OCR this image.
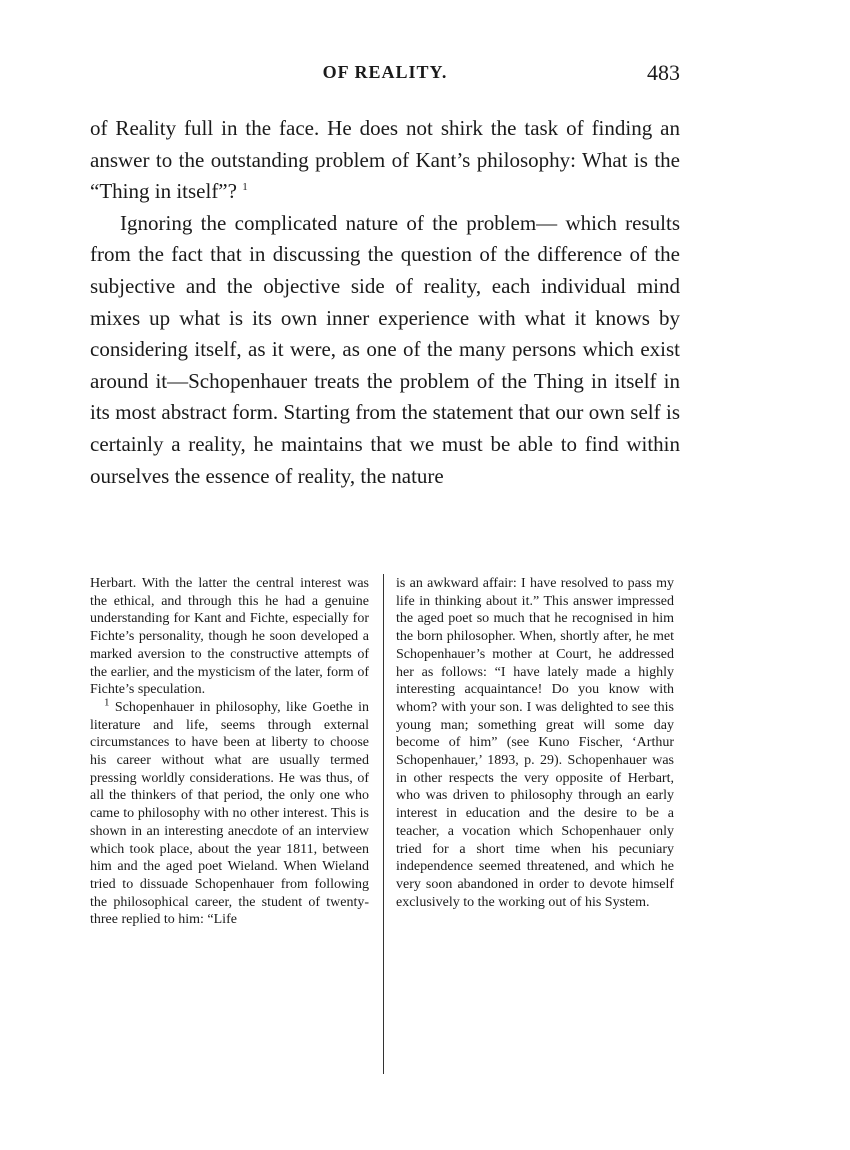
OF REALITY.	483

of Reality full in the face. He does not shirk the task of finding an answer to the outstanding problem of Kant’s philosophy: What is the “Thing in itself”? $^1$

Ignoring the complicated nature of the problem— which results from the fact that in discussing the question of the difference of the subjective and the objective side of reality, each individual mind mixes up what is its own inner experience with what it knows by considering itself, as it were, as one of the many persons which exist around it—Schopenhauer treats the problem of the Thing in itself in its most abstract form. Starting from the statement that our own self is certainly a reality, he maintains that we must be able to find within ourselves the essence of reality, the nature

Herbart. With the latter the central interest was the ethical, and through this he had a genuine understanding for Kant and Fichte, especially for Fichte’s personality, though he soon developed a marked aversion to the constructive attempts of the earlier, and the mysticism of the later, form of Fichte’s speculation.

$^1$ Schopenhauer in philosophy, like Goethe in literature and life, seems through external circumstances to have been at liberty to choose his career without what are usually termed pressing worldly considerations. He was thus, of all the thinkers of that period, the only one who came to philosophy with no other interest. This is shown in an interesting anecdote of an interview which took place, about the year 1811, between him and the aged poet Wieland. When Wieland tried to dissuade Schopenhauer from following the philosophical career, the student of twenty-three replied to him: “Life

is an awkward affair: I have resolved to pass my life in thinking about it.” This answer impressed the aged poet so much that he recognised in him the born philosopher. When, shortly after, he met Schopenhauer’s mother at Court, he addressed her as follows: “I have lately made a highly interesting acquaintance! Do you know with whom? with your son. I was delighted to see this young man; something great will some day become of him” (see Kuno Fischer, ‘Arthur Schopenhauer,’ 1893, p. 29). Schopenhauer was in other respects the very opposite of Herbart, who was driven to philosophy through an early interest in education and the desire to be a teacher, a vocation which Schopenhauer only tried for a short time when his pecuniary independence seemed threatened, and which he very soon abandoned in order to devote himself exclusively to the working out of his System.
